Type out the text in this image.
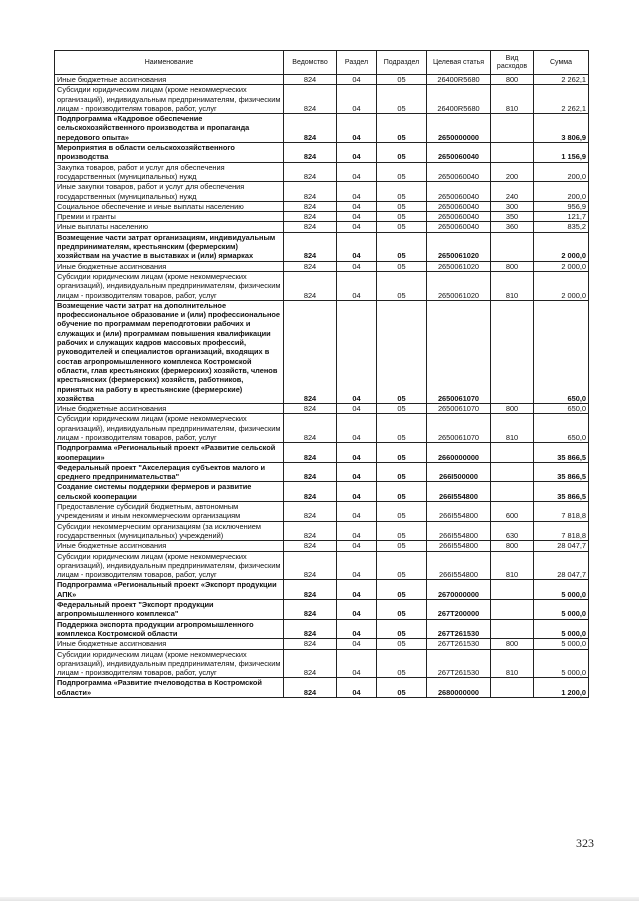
Наименование	Ведомство	Раздел	Подраздел	Целевая статья	Вид расходов	Сумма
Иные бюджетные ассигнования	824	04	05	26400R5680	800	2 262,1
Субсидии юридическим лицам (кроме некоммерческих организаций), индивидуальным предпринимателям, физическим лицам - производителям товаров, работ, услуг	824	04	05	26400R5680	810	2 262,1
Подпрограмма «Кадровое обеспечение сельскохозяйственного производства и пропаганда передового опыта»	824	04	05	2650000000		3 806,9
Мероприятия в области сельскохозяйственного производства	824	04	05	2650060040		1 156,9
Закупка товаров, работ и услуг для обеспечения государственных (муниципальных) нужд	824	04	05	2650060040	200	200,0
Иные закупки товаров, работ и услуг для обеспечения государственных (муниципальных) нужд	824	04	05	2650060040	240	200,0
Социальное обеспечение и иные выплаты населению	824	04	05	2650060040	300	956,9
Премии и гранты	824	04	05	2650060040	350	121,7
Иные выплаты населению	824	04	05	2650060040	360	835,2
Возмещение части затрат организациям, индивидуальным предпринимателям, крестьянским (фермерским) хозяйствам на участие в выставках и (или) ярмарках	824	04	05	2650061020		2 000,0
Иные бюджетные ассигнования	824	04	05	2650061020	800	2 000,0
Субсидии юридическим лицам (кроме некоммерческих организаций), индивидуальным предпринимателям, физическим лицам - производителям товаров, работ, услуг	824	04	05	2650061020	810	2 000,0
Возмещение части затрат на дополнительное профессиональное образование и (или) профессиональное обучение по программам переподготовки рабочих и служащих и (или) программам повышения квалификации рабочих и служащих кадров массовых профессий, руководителей и специалистов организаций, входящих в состав агропромышленного комплекса Костромской области, глав крестьянских (фермерских) хозяйств, членов крестьянских (фермерских) хозяйств, работников, принятых на работу в крестьянские (фермерские) хозяйства	824	04	05	2650061070		650,0
Иные бюджетные ассигнования	824	04	05	2650061070	800	650,0
Субсидии юридическим лицам (кроме некоммерческих организаций), индивидуальным предпринимателям, физическим лицам - производителям товаров, работ, услуг	824	04	05	2650061070	810	650,0
Подпрограмма «Региональный проект «Развитие сельской кооперации»	824	04	05	2660000000		35 866,5
Федеральный проект "Акселерация субъектов малого и среднего предпринимательства"	824	04	05	266I500000		35 866,5
Создание системы поддержки фермеров и развитие сельской кооперации	824	04	05	266I554800		35 866,5
Предоставление субсидий бюджетным, автономным учреждениям и иным некоммерческим организациям	824	04	05	266I554800	600	7 818,8
Субсидии некоммерческим организациям (за исключением государственных (муниципальных) учреждений)	824	04	05	266I554800	630	7 818,8
Иные бюджетные ассигнования	824	04	05	266I554800	800	28 047,7
Субсидии юридическим лицам (кроме некоммерческих организаций), индивидуальным предпринимателям, физическим лицам - производителям товаров, работ, услуг	824	04	05	266I554800	810	28 047,7
Подпрограмма «Региональный проект «Экспорт продукции АПК»	824	04	05	2670000000		5 000,0
Федеральный проект "Экспорт продукции агропромышленного комплекса"	824	04	05	267T200000		5 000,0
Поддержка экспорта продукции агропромышленного комплекса Костромской области	824	04	05	267T261530		5 000,0
Иные бюджетные ассигнования	824	04	05	267T261530	800	5 000,0
Субсидии юридическим лицам (кроме некоммерческих организаций), индивидуальным предпринимателям, физическим лицам - производителям товаров, работ, услуг	824	04	05	267T261530	810	5 000,0
Подпрограмма «Развитие пчеловодства в Костромской области»	824	04	05	2680000000		1 200,0
323
